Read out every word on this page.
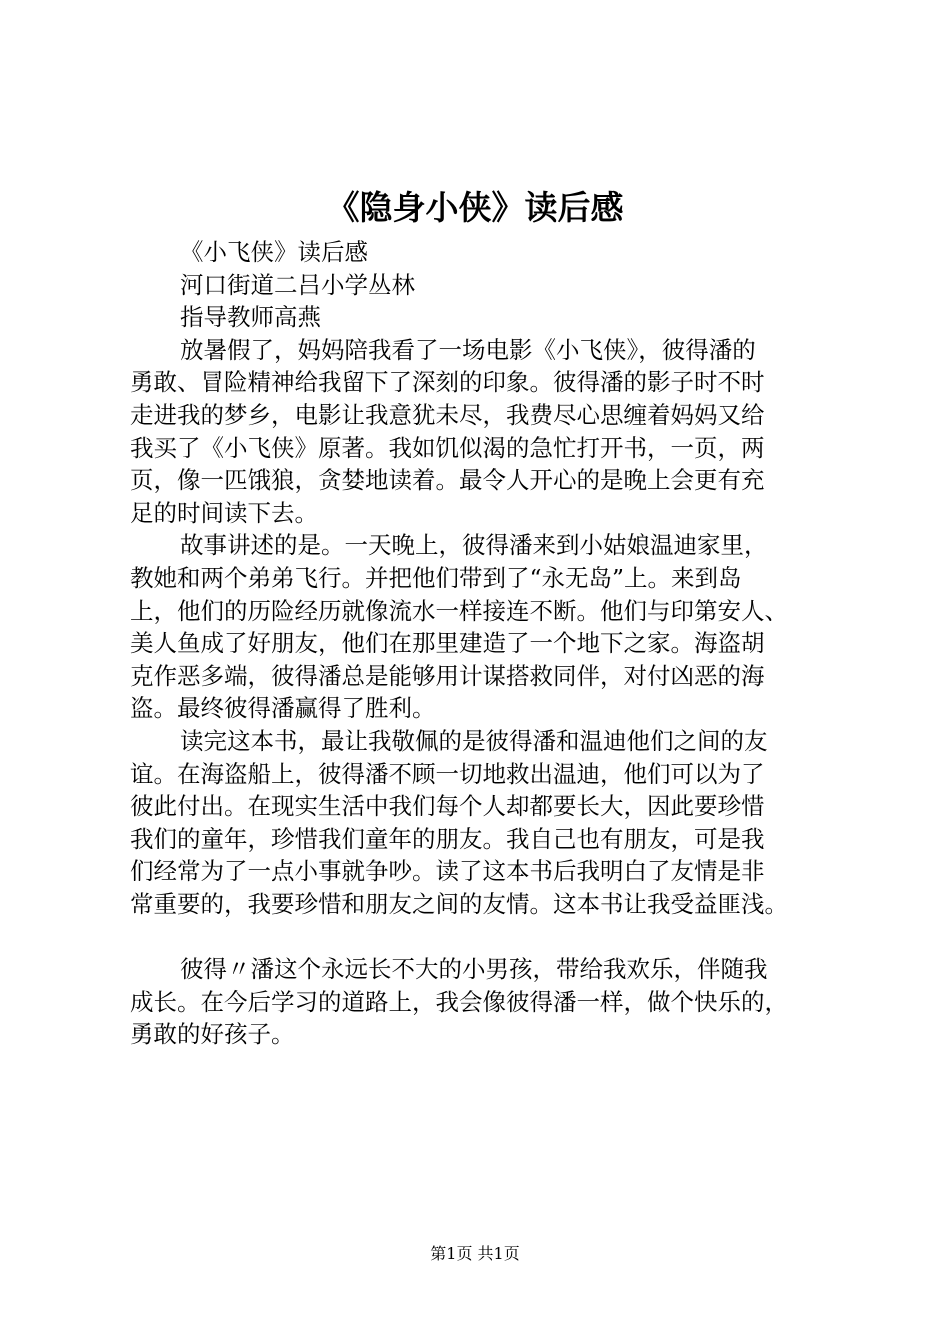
《隐身小侠》读后感
《小飞侠》读后感
河口街道二吕小学丛林
指导教师高燕
放暑假了，妈妈陪我看了一场电影《小飞侠》，彼得潘的
勇敢、冒险精神给我留下了深刻的印象。彼得潘的影子时不时
走进我的梦乡，电影让我意犹未尽，我费尽心思缠着妈妈又给
我买了《小飞侠》原著。我如饥似渴的急忙打开书，一页，两
页，像一匹饿狼，贪婪地读着。最令人开心的是晚上会更有充
足的时间读下去。
故事讲述的是。一天晚上，彼得潘来到小姑娘温迪家里，
教她和两个弟弟飞行。并把他们带到了“永无岛”上。来到岛
上，他们的历险经历就像流水一样接连不断。他们与印第安人、
美人鱼成了好朋友，他们在那里建造了一个地下之家。海盗胡
克作恶多端，彼得潘总是能够用计谋搭救同伴，对付凶恶的海
盗。最终彼得潘赢得了胜利。
读完这本书，最让我敬佩的是彼得潘和温迪他们之间的友
谊。在海盗船上，彼得潘不顾一切地救出温迪，他们可以为了
彼此付出。在现实生活中我们每个人却都要长大，因此要珍惜
我们的童年，珍惜我们童年的朋友。我自己也有朋友，可是我
们经常为了一点小事就争吵。读了这本书后我明白了友情是非
常重要的，我要珍惜和朋友之间的友情。这本书让我受益匪浅。
彼得〃潘这个永远长不大的小男孩，带给我欢乐，伴随我
成长。在今后学习的道路上，我会像彼得潘一样，做个快乐的，
勇敢的好孩子。
第1页 共1页
